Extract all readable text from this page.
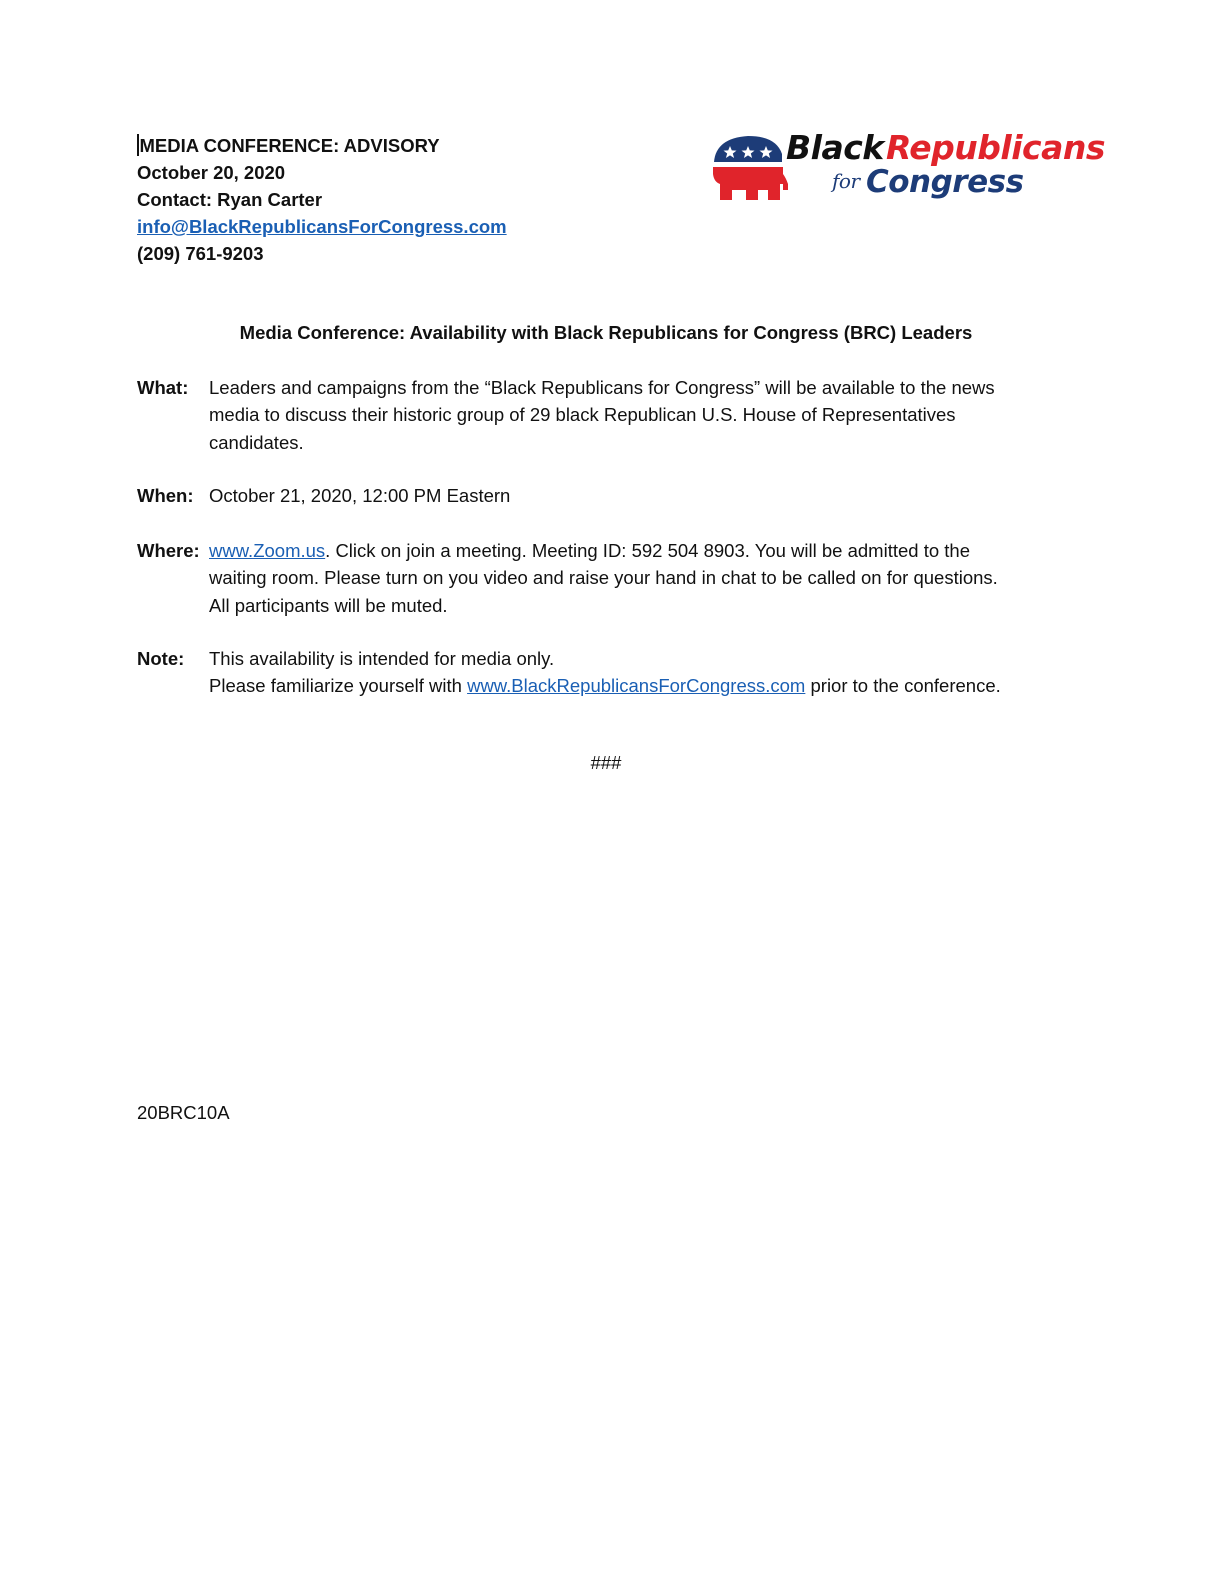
MEDIA CONFERENCE: ADVISORY
October 20, 2020
Contact: Ryan Carter
info@BlackRepublicansForCongress.com
(209) 761-9203
Black Republicans
for Congress
Media Conference: Availability with Black Republicans for Congress (BRC) Leaders
What: Leaders and campaigns from the “Black Republicans for Congress” will be available to the news
media to discuss their historic group of 29 black Republican U.S. House of Representatives
candidates.
When: October 21, 2020, 12:00 PM Eastern
Where: www.Zoom.us. Click on join a meeting. Meeting ID: 592 504 8903. You will be admitted to the
waiting room. Please turn on you video and raise your hand in chat to be called on for questions.
All participants will be muted.
Note: This availability is intended for media only.
Please familiarize yourself with www.BlackRepublicansForCongress.com prior to the conference.
###
20BRC10A
